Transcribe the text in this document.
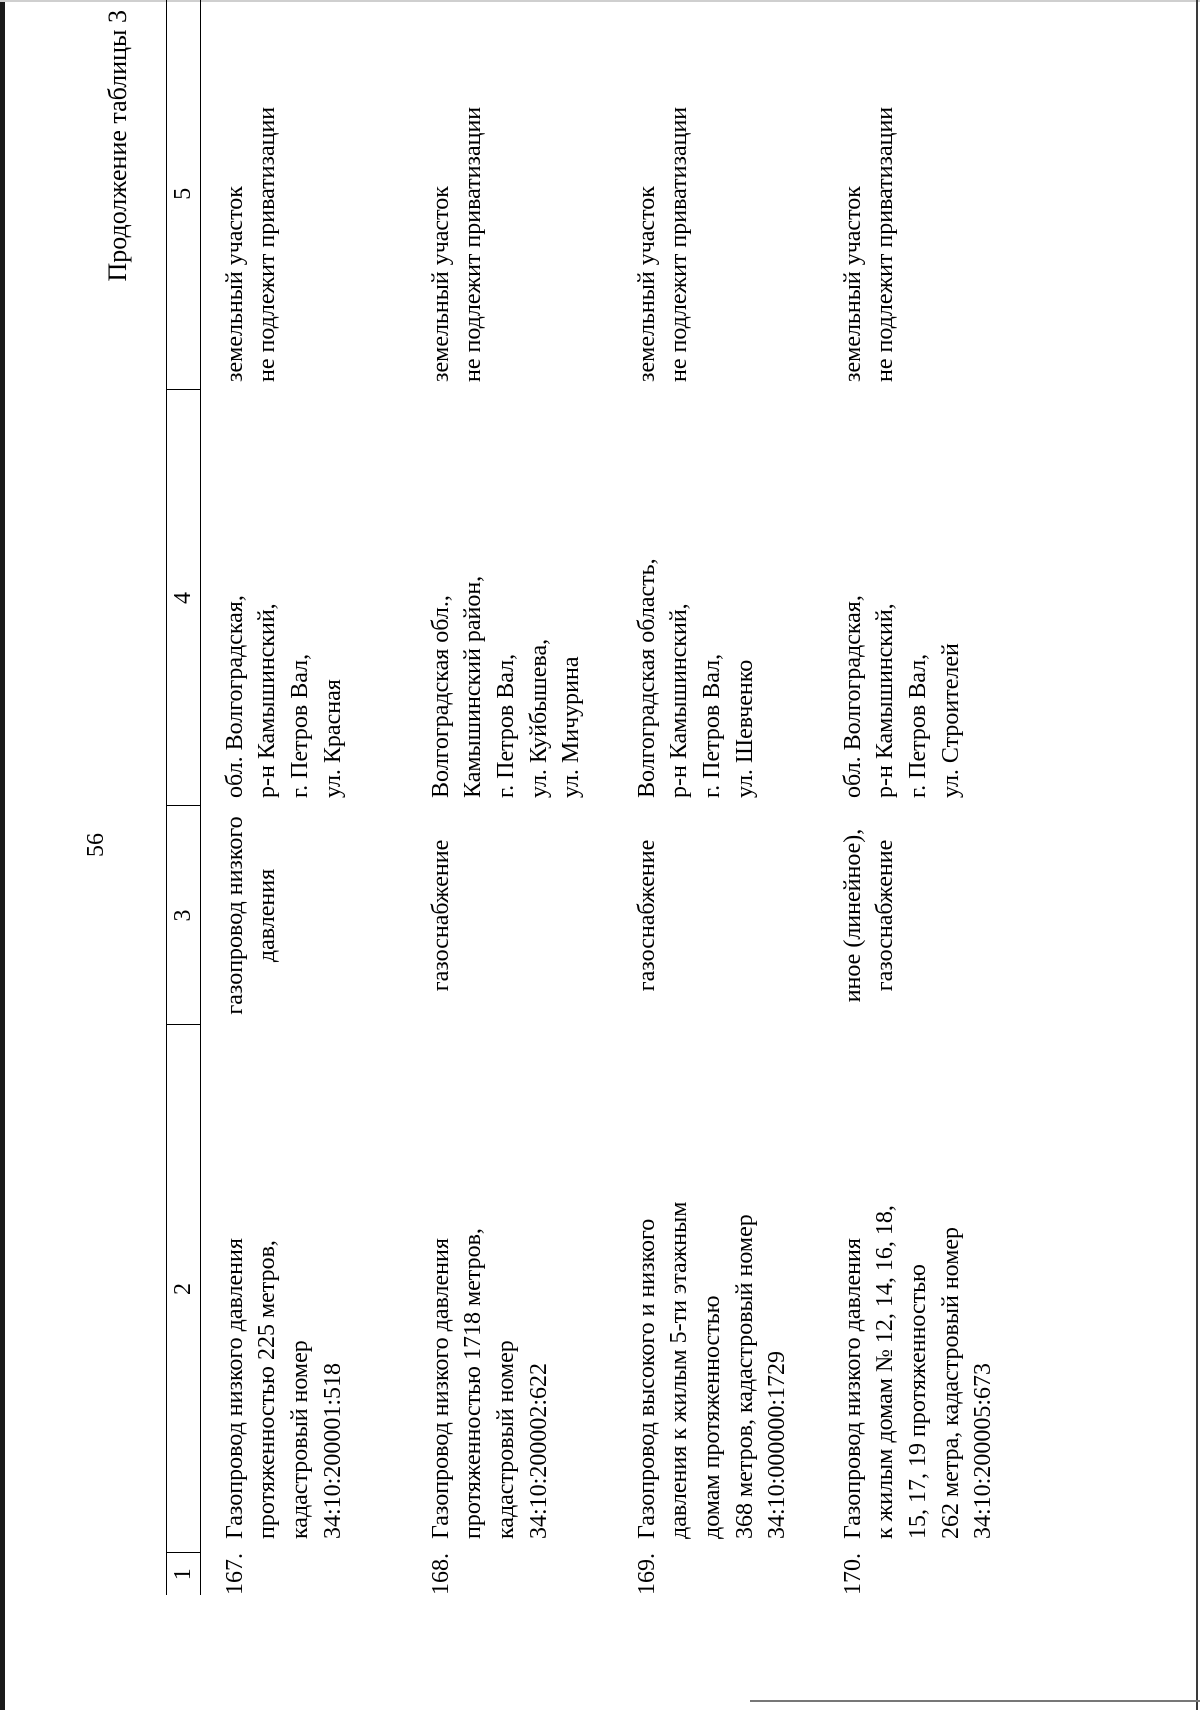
56
Продолжение таблицы 3
1	2	3	4	5
167.	Газопровод низкого давления протяженностью 225 метров, кадастровый номер 34:10:200001:518	газопровод низкого давления	обл. Волгоградская, р-н Камышинский, г. Петров Вал, ул. Красная	земельный участок не подлежит приватизации

168.	Газопровод низкого давления протяженностью 1718 метров, кадастровый номер 34:10:200002:622	газоснабжение	Волгоградская обл., Камышинский район, г. Петров Вал, ул. Куйбышева, ул. Мичурина	земельный участок не подлежит приватизации

169.	Газопровод высокого и низкого давления к жилым 5-ти этажным домам протяженностью 368 метров, кадастровый номер 34:10:000000:1729	газоснабжение	Волгоградская область, р-н Камышинский, г. Петров Вал, ул. Шевченко	земельный участок не подлежит приватизации

170.	Газопровод низкого давления к жилым домам № 12, 14, 16, 18, 15, 17, 19 протяженностью 262 метра, кадастровый номер 34:10:200005:673	иное (линейное), газоснабжение	обл. Волгоградская, р-н Камышинский, г. Петров Вал, ул. Строителей	земельный участок не подлежит приватизации
